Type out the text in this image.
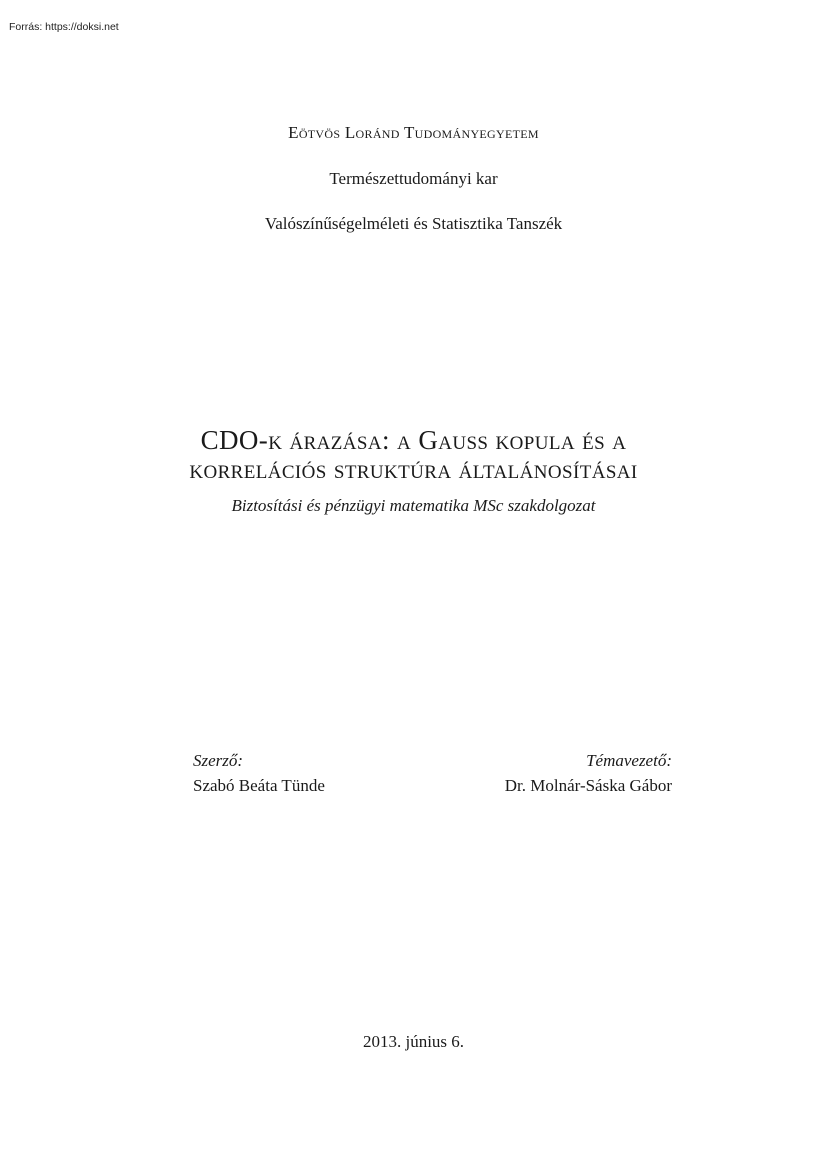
Forrás: https://doksi.net
Eötvös Loránd Tudományegyetem
Természettudományi kar
Valószínűségelméleti és Statisztika Tanszék
CDO-k árazása: a Gauss kopula és a
korrelációs struktúra általánosításai
Biztosítási és pénzügyi matematika MSc szakdolgozat
Szerző:
Szabó Beáta Tünde
Témavezető:
Dr. Molnár-Sáska Gábor
2013. június 6.
